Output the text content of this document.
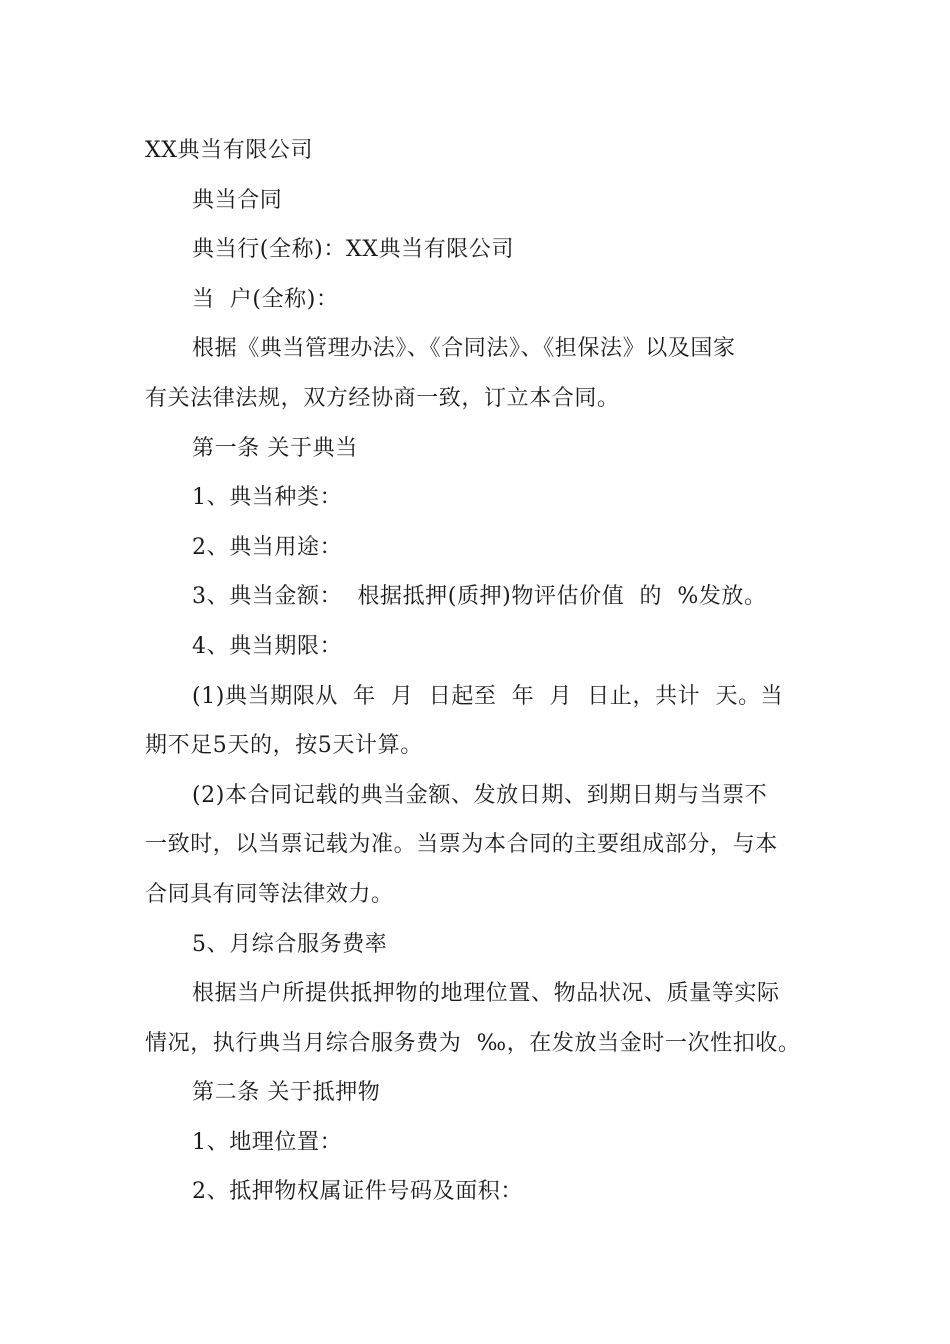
XX典当有限公司
典当合同
典当行(全称)：XX典当有限公司
当  户(全称)：
根据《典当管理办法》、《合同法》、《担保法》以及国家
有关法律法规，双方经协商一致，订立本合同。
第一条 关于典当
1、典当种类：
2、典当用途：
3、典当金额：  根据抵押(质押)物评估价值  的  %发放。
4、典当期限：
(1)典当期限从  年  月  日起至  年  月  日止，共计  天。当
期不足5天的，按5天计算。
(2)本合同记载的典当金额、发放日期、到期日期与当票不
一致时，以当票记载为准。当票为本合同的主要组成部分，与本
合同具有同等法律效力。
5、月综合服务费率
根据当户所提供抵押物的地理位置、物品状况、质量等实际
情况，执行典当月综合服务费为  ‰，在发放当金时一次性扣收。
第二条 关于抵押物
1、地理位置：
2、抵押物权属证件号码及面积：
